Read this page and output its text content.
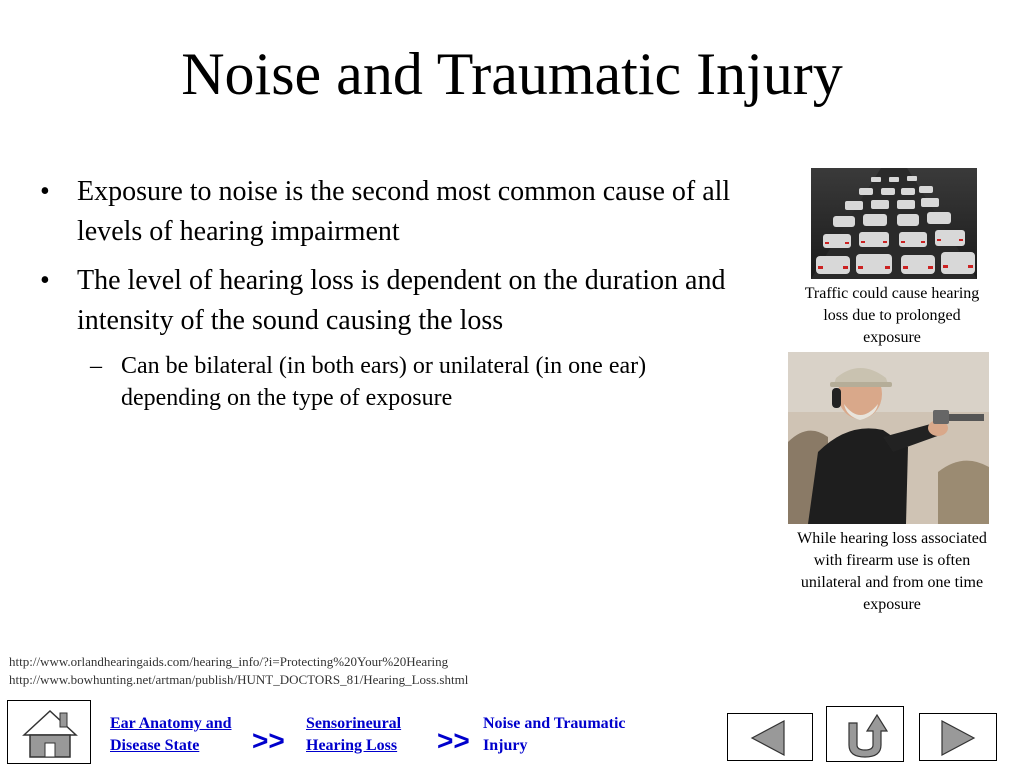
Noise and Traumatic Injury
• Exposure to noise is the second most common cause of all levels of hearing impairment
• The level of hearing loss is dependent on the duration and intensity of the sound causing the loss
– Can be bilateral (in both ears) or unilateral (in one ear) depending on the type of exposure
Traffic could cause hearing loss due to prolonged exposure
While hearing loss associated with firearm use is often unilateral and from one time exposure
http://www.orlandhearingaids.com/hearing_info/?i=Protecting%20Your%20Hearing
http://www.bowhunting.net/artman/publish/HUNT_DOCTORS_81/Hearing_Loss.shtml
Ear Anatomy and Disease State	>>
Sensorineural Hearing Loss	>>
Noise and Traumatic Injury
